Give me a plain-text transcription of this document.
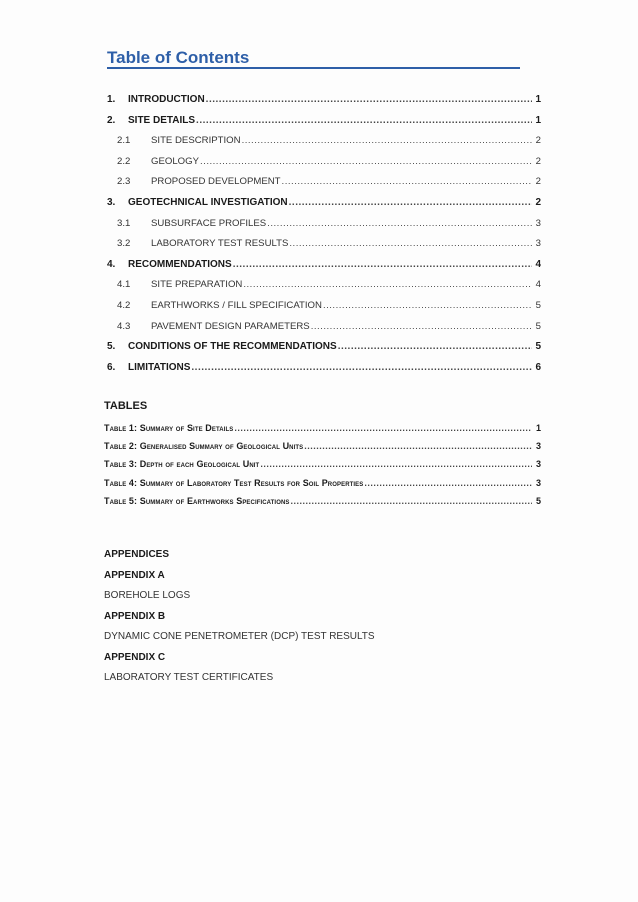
Table of Contents
1.	INTRODUCTION .....	1
2.	SITE DETAILS .....	1
2.1	SITE DESCRIPTION .....	2
2.2	GEOLOGY .....	2
2.3	PROPOSED DEVELOPMENT .....	2
3.	GEOTECHNICAL INVESTIGATION .....	2
3.1	SUBSURFACE PROFILES .....	3
3.2	LABORATORY TEST RESULTS .....	3
4.	RECOMMENDATIONS .....	4
4.1	SITE PREPARATION .....	4
4.2	EARTHWORKS / FILL SPECIFICATION .....	5
4.3	PAVEMENT DESIGN PARAMETERS .....	5
5.	CONDITIONS OF THE RECOMMENDATIONS .....	5
6.	LIMITATIONS .....	6
TABLES
Table 1: Summary of Site Details .....	1
Table 2: Generalised Summary of Geological Units .....	3
Table 3: Depth of each Geological Unit .....	3
Table 4: Summary of Laboratory Test Results for Soil Properties .....	3
Table 5: Summary of Earthworks Specifications .....	5
APPENDICES
APPENDIX A
BOREHOLE LOGS
APPENDIX B
DYNAMIC CONE PENETROMETER (DCP) TEST RESULTS
APPENDIX C
LABORATORY TEST CERTIFICATES
